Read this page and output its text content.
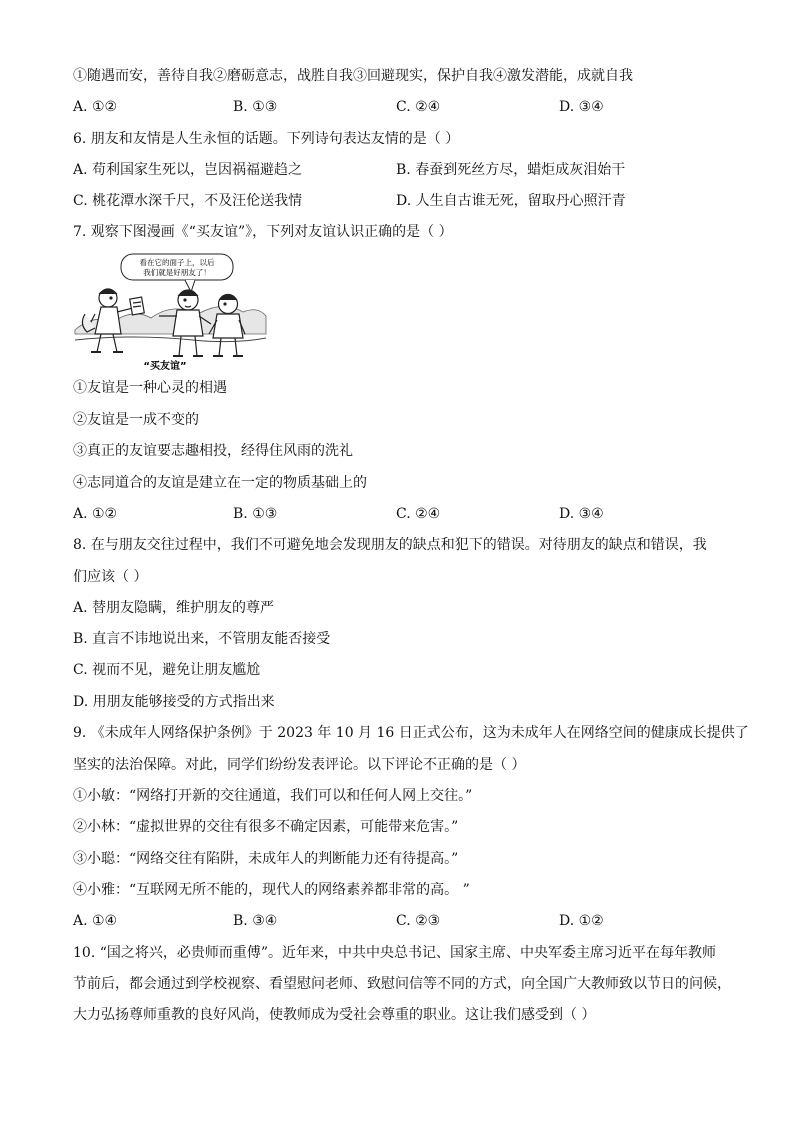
①随遇而安，善待自我②磨砺意志，战胜自我③回避现实，保护自我④激发潜能，成就自我
A. ①②	B. ①③	C. ②④	D. ③④
6. 朋友和友情是人生永恒的话题。下列诗句表达友情的是（ ）
A. 苟利国家生死以，岂因祸福避趋之	B. 春蚕到死丝方尽，蜡炬成灰泪始干
C. 桃花潭水深千尺，不及汪伦送我情	D. 人生自古谁无死，留取丹心照汗青
7. 观察下图漫画《“买友谊”》，下列对友谊认识正确的是（ ）
看在它的面子上，以后
我们就是好朋友了！
“买友谊”
①友谊是一种心灵的相遇
②友谊是一成不变的
③真正的友谊要志趣相投，经得住风雨的洗礼
④志同道合的友谊是建立在一定的物质基础上的
A. ①②	B. ①③	C. ②④	D. ③④
8. 在与朋友交往过程中，我们不可避免地会发现朋友的缺点和犯下的错误。对待朋友的缺点和错误，我
们应该（ ）
A. 替朋友隐瞒，维护朋友的尊严
B. 直言不讳地说出来，不管朋友能否接受
C. 视而不见，避免让朋友尴尬
D. 用朋友能够接受的方式指出来
9. 《未成年人网络保护条例》于 2023 年 10 月 16 日正式公布，这为未成年人在网络空间的健康成长提供了
坚实的法治保障。对此，同学们纷纷发表评论。以下评论不正确的是（ ）
①小敏：“网络打开新的交往通道，我们可以和任何人网上交往。”
②小林：“虚拟世界的交往有很多不确定因素，可能带来危害。”
③小聪：“网络交往有陷阱，未成年人的判断能力还有待提高。”
④小雅：“互联网无所不能的，现代人的网络素养都非常的高。 ”
A. ①④	B. ③④	C. ②③	D. ①②
10. “国之将兴，必贵师而重傅”。近年来，中共中央总书记、国家主席、中央军委主席习近平在每年教师
节前后，都会通过到学校视察、看望慰问老师、致慰问信等不同的方式，向全国广大教师致以节日的问候，
大力弘扬尊师重教的良好风尚，使教师成为受社会尊重的职业。这让我们感受到（ ）
